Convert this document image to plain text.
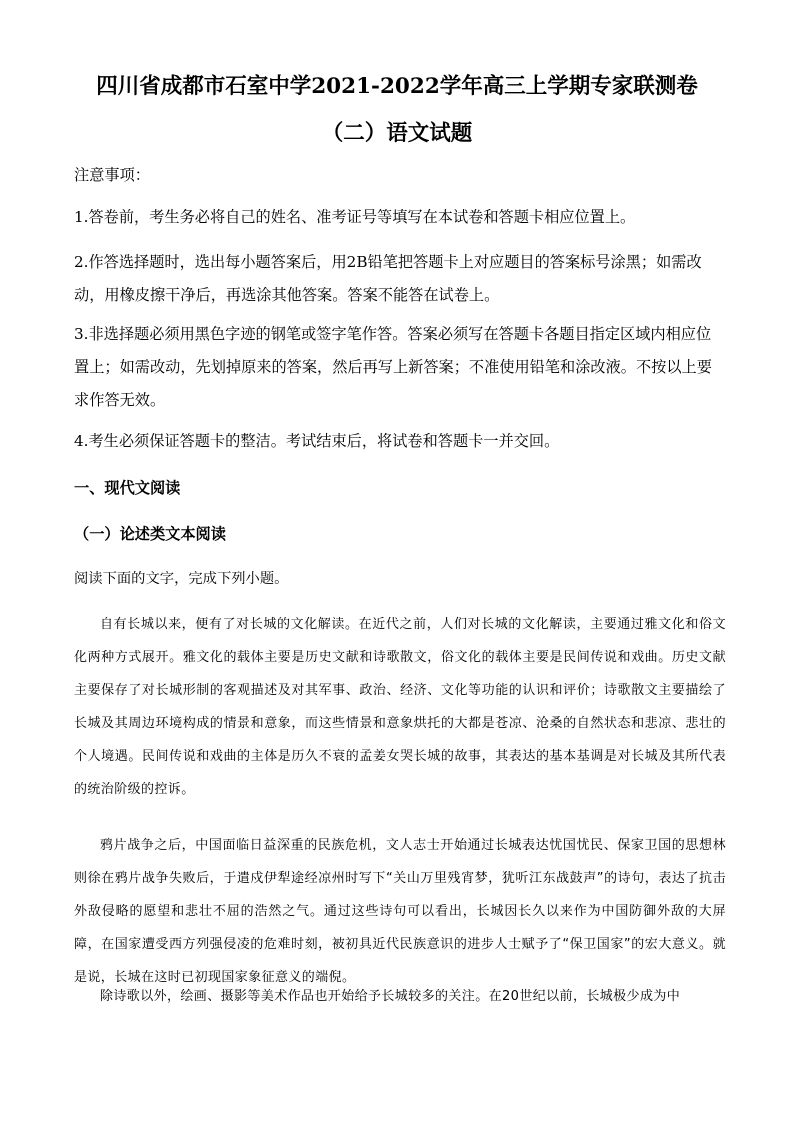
四川省成都市石室中学2021-2022学年高三上学期专家联测卷
（二）语文试题
注意事项：
1.答卷前，考生务必将自己的姓名、准考证号等填写在本试卷和答题卡相应位置上。
2.作答选择题时，选出每小题答案后，用2B铅笔把答题卡上对应题目的答案标号涂黑；如需改动，用橡皮擦干净后，再选涂其他答案。答案不能答在试卷上。
3.非选择题必须用黑色字迹的钢笔或签字笔作答。答案必须写在答题卡各题目指定区域内相应位置上；如需改动，先划掉原来的答案，然后再写上新答案；不准使用铅笔和涂改液。不按以上要求作答无效。
4.考生必须保证答题卡的整洁。考试结束后，将试卷和答题卡一并交回。
一、现代文阅读
（一）论述类文本阅读
阅读下面的文字，完成下列小题。
自有长城以来，便有了对长城的文化解读。在近代之前，人们对长城的文化解读，主要通过雅文化和俗文化两种方式展开。雅文化的载体主要是历史文献和诗歌散文，俗文化的载体主要是民间传说和戏曲。历史文献主要保存了对长城形制的客观描述及对其军事、政治、经济、文化等功能的认识和评价；诗歌散文主要描绘了长城及其周边环境构成的情景和意象，而这些情景和意象烘托的大都是苍凉、沧桑的自然状态和悲凉、悲壮的个人境遇。民间传说和戏曲的主体是历久不衰的孟姜女哭长城的故事，其表达的基本基调是对长城及其所代表的统治阶级的控诉。
鸦片战争之后，中国面临日益深重的民族危机，文人志士开始通过长城表达忧国忧民、保家卫国的思想林则徐在鸦片战争失败后，于遣戍伊犁途经凉州时写下“关山万里残宵梦，犹听江东战鼓声”的诗句，表达了抗击外敌侵略的愿望和悲壮不屈的浩然之气。通过这些诗句可以看出，长城因长久以来作为中国防御外敌的大屏障，在国家遭受西方列强侵凌的危难时刻，被初具近代民族意识的进步人士赋予了“保卫国家”的宏大意义。就是说，长城在这时已初现国家象征意义的端倪。
除诗歌以外，绘画、摄影等美术作品也开始给予长城较多的关注。在20世纪以前，长城极少成为中
